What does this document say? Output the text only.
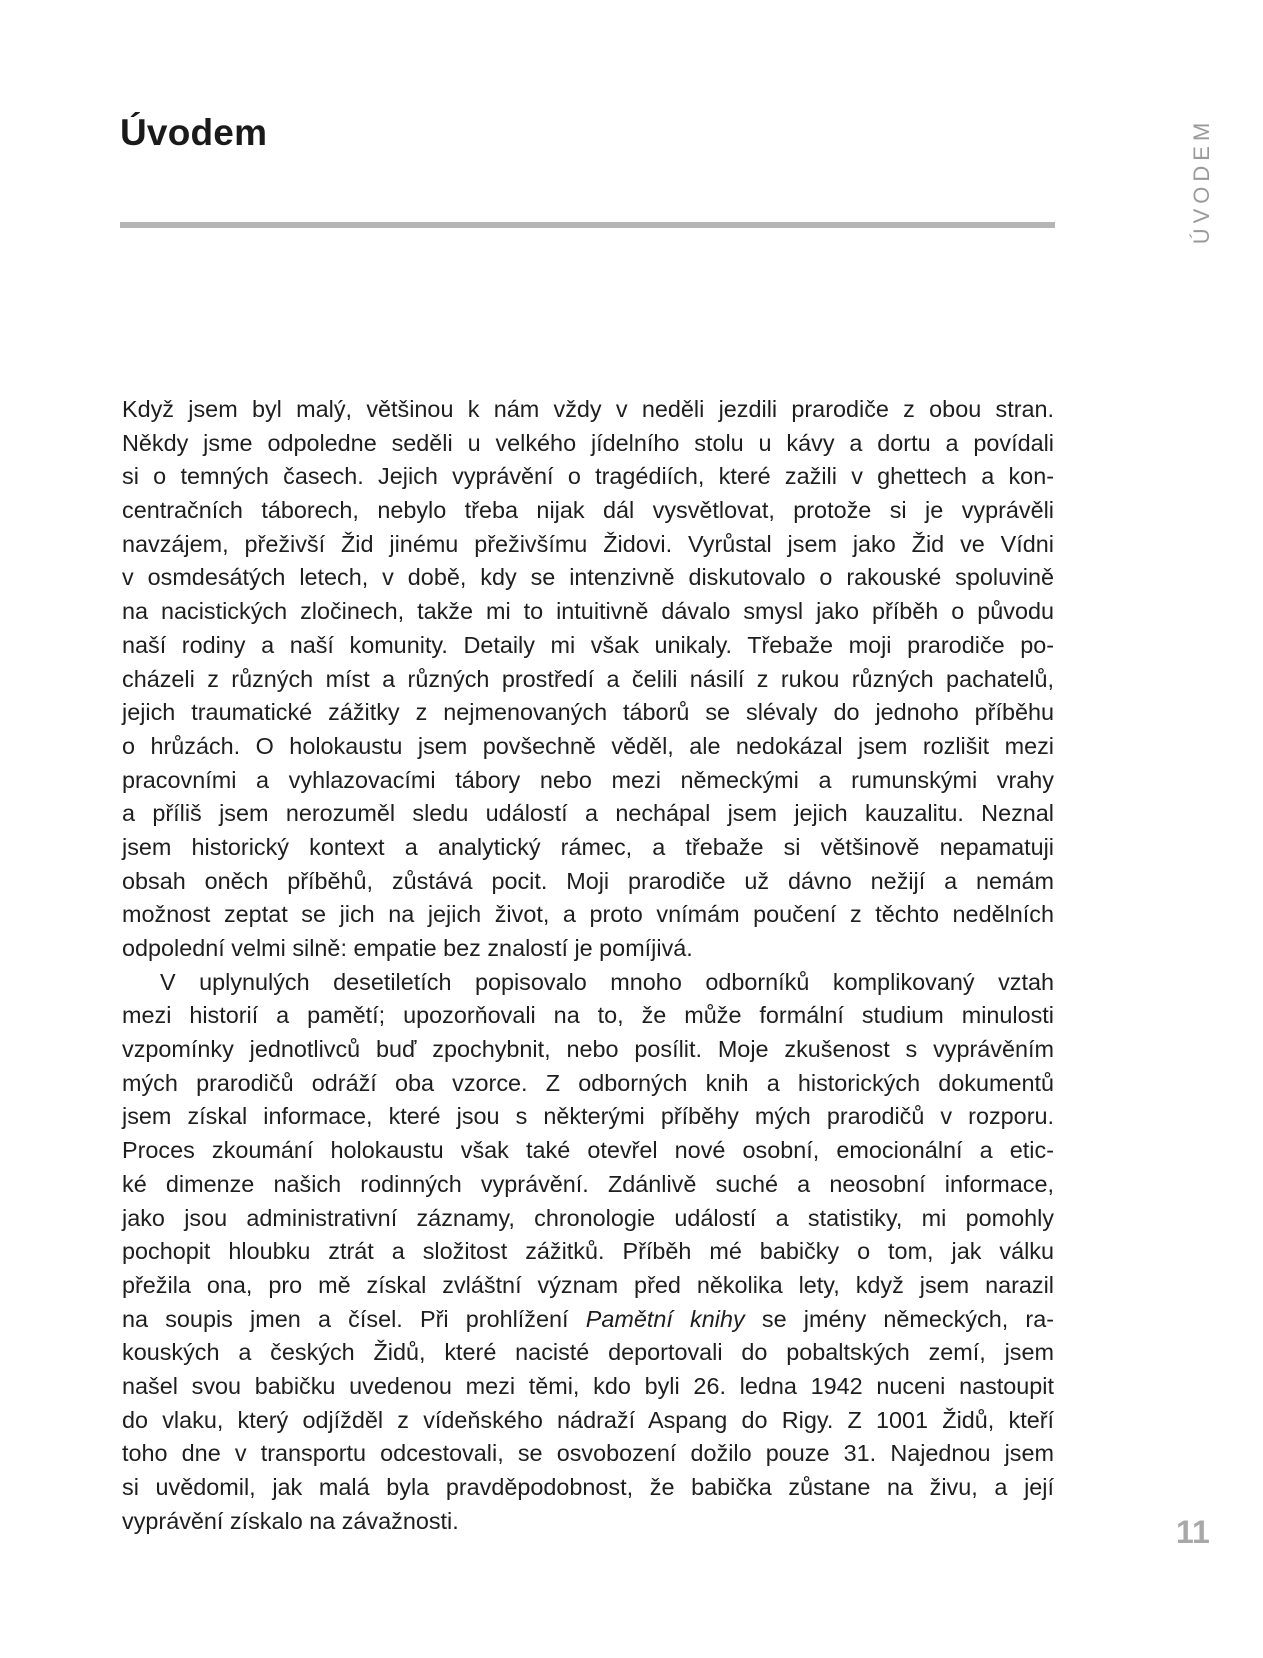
Úvodem	ÚVODEM
Když jsem byl malý, většinou k nám vždy v neděli jezdili prarodiče z obou stran.
Někdy jsme odpoledne seděli u velkého jídelního stolu u kávy a dortu a povídali
si o temných časech. Jejich vyprávění o tragédiích, které zažili v ghettech a kon-
centračních táborech, nebylo třeba nijak dál vysvětlovat, protože si je vyprávěli
navzájem, přeživší Žid jinému přeživšímu Židovi. Vyrůstal jsem jako Žid ve Vídni
v osmdesátých letech, v době, kdy se intenzivně diskutovalo o rakouské spoluvině
na nacistických zločinech, takže mi to intuitivně dávalo smysl jako příběh o původu
naší rodiny a naší komunity. Detaily mi však unikaly. Třebaže moji prarodiče po-
cházeli z různých míst a různých prostředí a čelili násilí z rukou různých pachatelů,
jejich traumatické zážitky z nejmenovaných táborů se slévaly do jednoho příběhu
o hrůzách. O holokaustu jsem povšechně věděl, ale nedokázal jsem rozlišit mezi
pracovními a vyhlazovacími tábory nebo mezi německými a rumunskými vrahy
a příliš jsem nerozuměl sledu událostí a nechápal jsem jejich kauzalitu. Neznal
jsem historický kontext a analytický rámec, a třebaže si většinově nepamatuji
obsah oněch příběhů, zůstává pocit. Moji prarodiče už dávno nežijí a nemám
možnost zeptat se jich na jejich život, a proto vnímám poučení z těchto nedělních
odpolední velmi silně: empatie bez znalostí je pomíjivá.
V uplynulých desetiletích popisovalo mnoho odborníků komplikovaný vztah
mezi historií a pamětí; upozorňovali na to, že může formální studium minulosti
vzpomínky jednotlivců buď zpochybnit, nebo posílit. Moje zkušenost s vyprávěním
mých prarodičů odráží oba vzorce. Z odborných knih a historických dokumentů
jsem získal informace, které jsou s některými příběhy mých prarodičů v rozporu.
Proces zkoumání holokaustu však také otevřel nové osobní, emocionální a etic-
ké dimenze našich rodinných vyprávění. Zdánlivě suché a neosobní informace,
jako jsou administrativní záznamy, chronologie událostí a statistiky, mi pomohly
pochopit hloubku ztrát a složitost zážitků. Příběh mé babičky o tom, jak válku
přežila ona, pro mě získal zvláštní význam před několika lety, když jsem narazil
na soupis jmen a čísel. Při prohlížení Pamětní knihy se jmény německých, ra-
kouských a českých Židů, které nacisté deportovali do pobaltských zemí, jsem
našel svou babičku uvedenou mezi těmi, kdo byli 26. ledna 1942 nuceni nastoupit
do vlaku, který odjížděl z vídeňského nádraží Aspang do Rigy. Z 1001 Židů, kteří
toho dne v transportu odcestovali, se osvobození dožilo pouze 31. Najednou jsem
si uvědomil, jak malá byla pravděpodobnost, že babička zůstane na živu, a její
vyprávění získalo na závažnosti.	11
